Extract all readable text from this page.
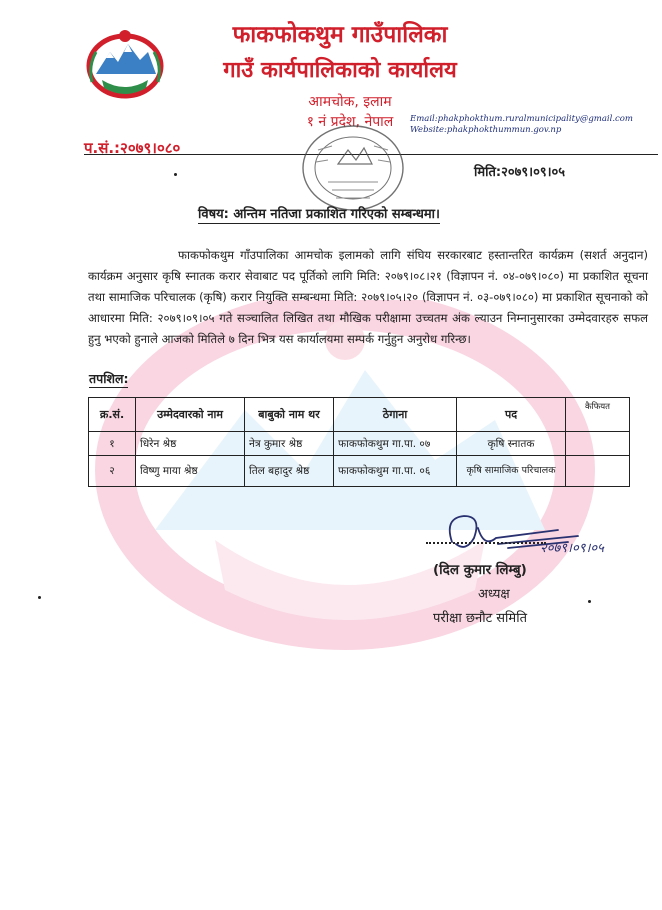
फाकफोकथुम गाउँपालिका
गाउँ कार्यपालिकाको कार्यालय
आमचोक, इलाम
१ नं प्रदेश, नेपाल	Email:phakphokthum.ruralmunicipality@gmail.com
Website:phakphokthummun.gov.np
प.सं.:२०७९।०८०
मिति:२०७९।०९।०५
विषय: अन्तिम नतिजा प्रकाशित गरिएको सम्बन्धमा।
फाकफोकथुम गाँउपालिका आमचोक इलामको लागि संघिय सरकारबाट हस्तान्तरित कार्यक्रम (सशर्त अनुदान) कार्यक्रम अनुसार कृषि स्नातक करार सेवाबाट पद पूर्तिको लागि मिति: २०७९।०८।२१ (विज्ञापन नं. ०४-०७९।०८०) मा प्रकाशित सूचना तथा सामाजिक परिचालक (कृषि) करार नियुक्ति सम्बन्धमा मिति: २०७९।०५।२० (विज्ञापन नं. ०३-०७९।०८०) मा प्रकाशित सूचनाको को आधारमा मिति: २०७९।०९।०५ गते सञ्चालित लिखित तथा मौखिक परीक्षामा उच्चतम अंक ल्याउन निम्नानुसारका उम्मेदवारहरु सफल हुनु भएको हुनाले आजको मितिले ७ दिन भित्र यस कार्यालयमा सम्पर्क गर्नुहुन अनुरोध गरिन्छ।
तपशिल:
क्र.सं.	उम्मेदवारको नाम	बाबुको नाम थर	ठेगाना	पद	कैफियत
१	धिरेन श्रेष्ठ	नेत्र कुमार श्रेष्ठ	फाकफोकथुम गा.पा. ०७	कृषि स्नातक	
२	विष्णु माया श्रेष्ठ	तिल बहादुर श्रेष्ठ	फाकफोकथुम गा.पा. ०६	कृषि सामाजिक परिचालक	
२०७९।०९।०५
(दिल कुमार लिम्बु)
अध्यक्ष
परीक्षा छनौट समिति
